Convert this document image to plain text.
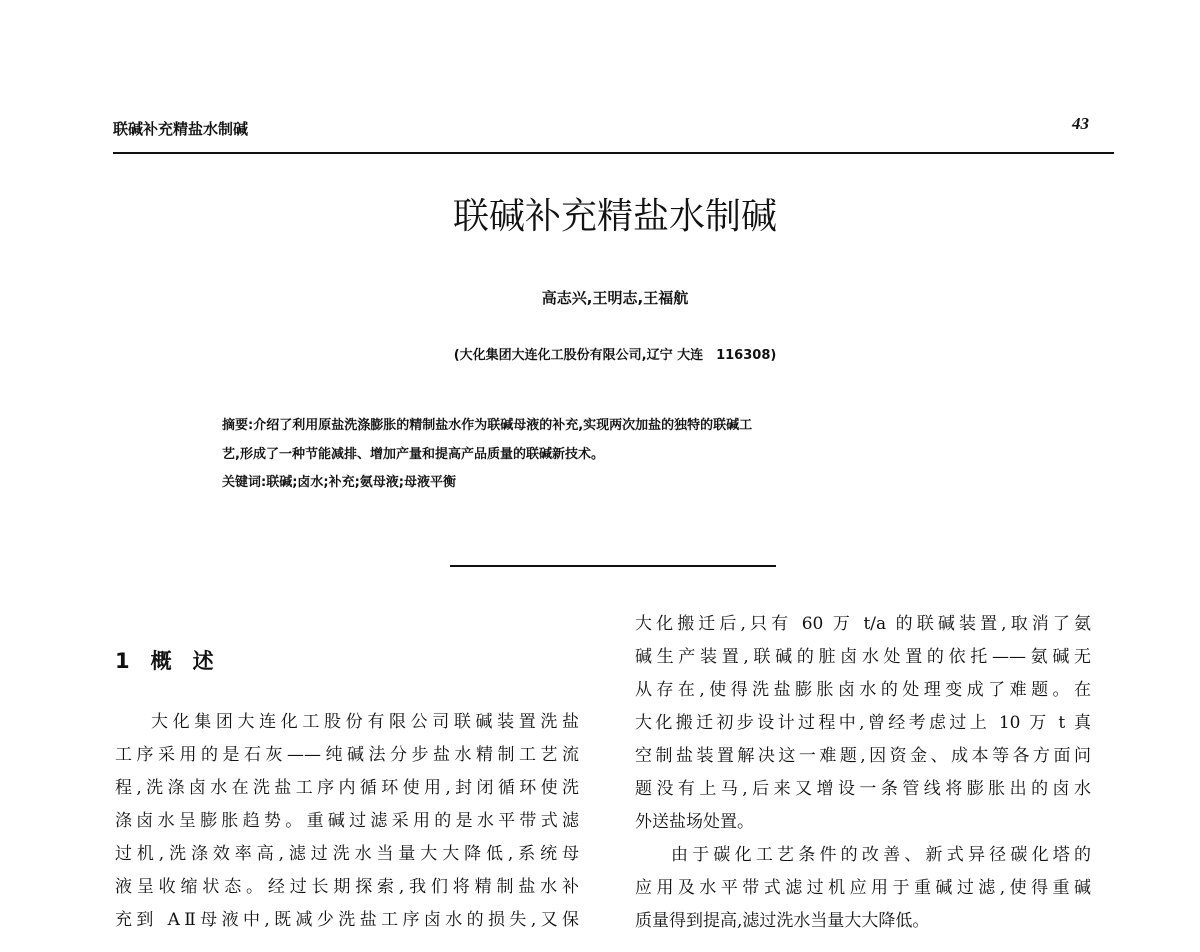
联碱补充精盐水制碱	43
联碱补充精盐水制碱
高志兴,王明志,王福航
(大化集团大连化工股份有限公司,辽宁 大连　116308)
摘要:介绍了利用原盐洗涤膨胀的精制盐水作为联碱母液的补充,实现两次加盐的独特的联碱工
艺,形成了一种节能减排、增加产量和提高产品质量的联碱新技术。
关键词:联碱;卤水;补充;氨母液;母液平衡
1　概　述
大化集团大连化工股份有限公司联碱装置洗盐
工序采用的是石灰——纯碱法分步盐水精制工艺流
程,洗涤卤水在洗盐工序内循环使用,封闭循环使洗
涤卤水呈膨胀趋势。重碱过滤采用的是水平带式滤
过机,洗涤效率高,滤过洗水当量大大降低,系统母
液呈收缩状态。经过长期探索,我们将精制盐水补
充到 AⅡ母液中,既减少洗盐工序卤水的损失,又保
大化搬迁后,只有 60 万 t/a 的联碱装置,取消了氨
碱生产装置,联碱的脏卤水处置的依托——氨碱无
从存在,使得洗盐膨胀卤水的处理变成了难题。在
大化搬迁初步设计过程中,曾经考虑过上 10 万 t 真
空制盐装置解决这一难题,因资金、成本等各方面问
题没有上马,后来又增设一条管线将膨胀出的卤水
外送盐场处置。
由于碳化工艺条件的改善、新式异径碳化塔的
应用及水平带式滤过机应用于重碱过滤,使得重碱
质量得到提高,滤过洗水当量大大降低。
